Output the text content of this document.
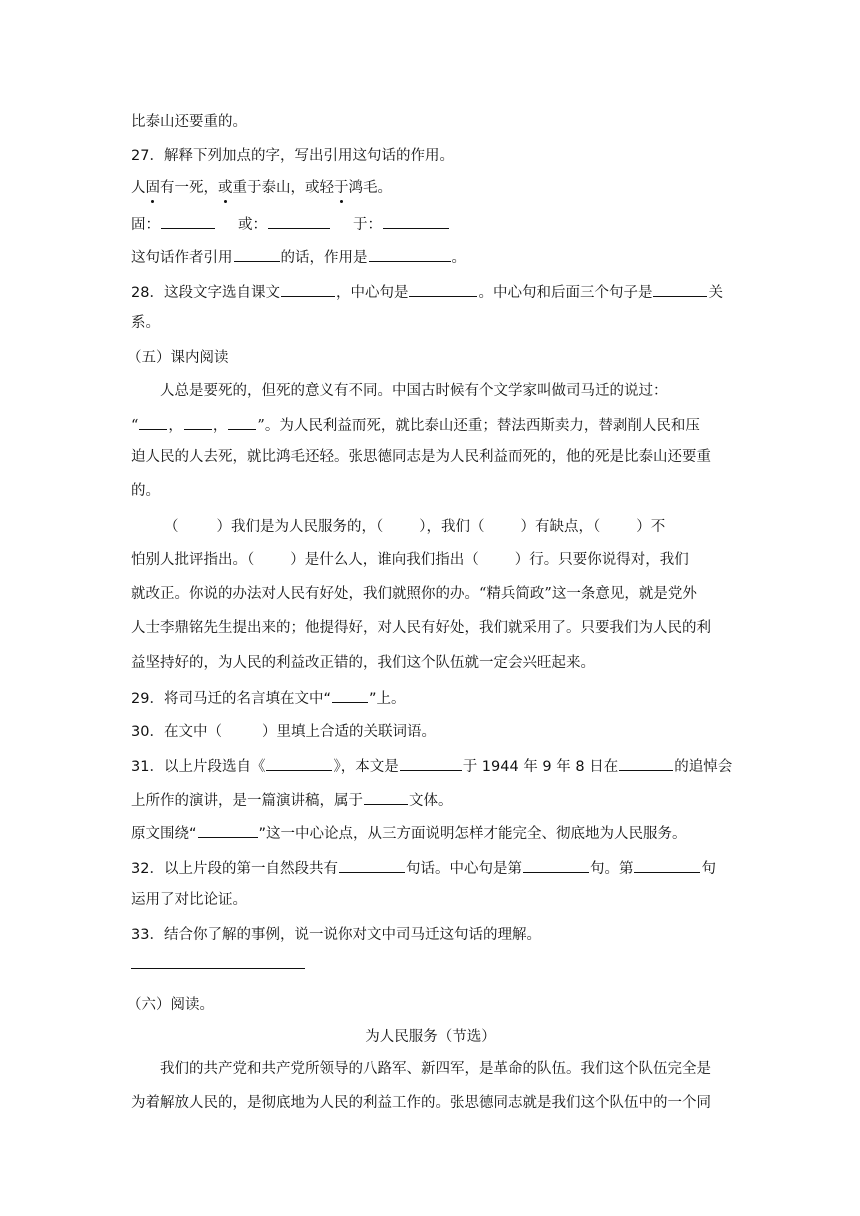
比泰山还要重的。
27．解释下列加点的字，写出引用这句话的作用。
人固有一死，或重于泰山，或轻于鸿毛。
固：	或：	于：
这句话作者引用	的话，作用是	。
28．这段文字选自课文	，中心句是	。中心句和后面三个句子是	关
系。
（五）课内阅读
人总是要死的，但死的意义有不同。中国古时候有个文学家叫做司马迁的说过：
“ ， ， ”。为人民利益而死，就比泰山还重；替法西斯卖力，替剥削人民和压
迫人民的人去死，就比鸿毛还轻。张思德同志是为人民利益而死的，他的死是比泰山还要重
的。
（	）我们是为人民服务的，（ ），我们（ ）有缺点，（ ）不
怕别人批评指出。（ ）是什么人，谁向我们指出（ ）行。只要你说得对，我们
就改正。你说的办法对人民有好处，我们就照你的办。“精兵简政”这一条意见，就是党外
人士李鼎铭先生提出来的；他提得好，对人民有好处，我们就采用了。只要我们为人民的利
益坚持好的，为人民的利益改正错的，我们这个队伍就一定会兴旺起来。
29．将司马迁的名言填在文中“	”上。
30．在文中（	）里填上合适的关联词语。
31．以上片段选自《	》，本文是	于 1944 年 9 年 8 日在	的追悼会
上所作的演讲，是一篇演讲稿，属于	文体。
原文围绕“	”这一中心论点，从三方面说明怎样才能完全、彻底地为人民服务。
32．以上片段的第一自然段共有	句话。中心句是第	句。第	句
运用了对比论证。
33．结合你了解的事例，说一说你对文中司马迁这句话的理解。
（六）阅读。
为人民服务（节选）
我们的共产党和共产党所领导的八路军、新四军，是革命的队伍。我们这个队伍完全是
为着解放人民的，是彻底地为人民的利益工作的。张思德同志就是我们这个队伍中的一个同
